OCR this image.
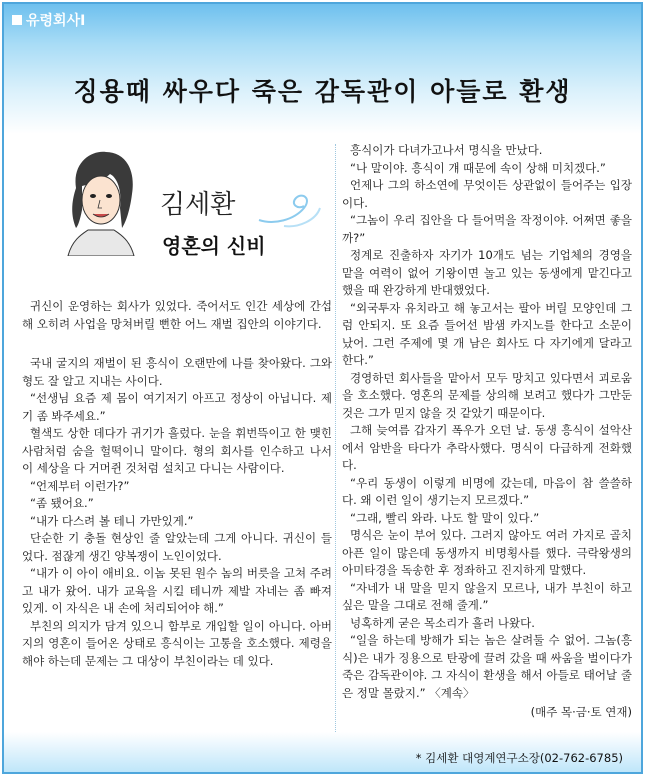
유령회사Ⅰ
징용때 싸우다 죽은 감독관이 아들로 환생
김세환
영혼의 신비
귀신이 운영하는 회사가 있었다. 죽어서도 인간 세상에 간섭해 오히려 사업을 망쳐버릴 뻔한 어느 재벌 집안의 이야기다.

국내 굴지의 재벌이 된 흥식이 오랜만에 나를 찾아왔다. 그와 형도 잘 알고 지내는 사이다.

“선생님 요즘 제 몸이 여기저기 아프고 정상이 아닙니다. 제 기 좀 봐주세요.”

혈색도 상한 데다가 귀기가 흘렀다. 눈을 휘번뜩이고 한 맺힌 사람처럼 숨을 헐떡이니 말이다. 형의 회사를 인수하고 나서 이 세상을 다 거머쥔 것처럼 설치고 다니는 사람이다.

“언제부터 이런가?”

“좀 됐어요.”

“내가 다스려 볼 테니 가만있게.”

단순한 기 충돌 현상인 줄 알았는데 그게 아니다. 귀신이 들었다. 점잖게 생긴 양복쟁이 노인이었다.

“내가 이 아이 애비요. 이놈 못된 원수 놈의 버릇을 고쳐 주려고 내가 왔어. 내가 교육을 시킬 테니까 제발 자네는 좀 빠져 있게. 이 자식은 내 손에 처리되어야 해.”

부친의 의지가 담겨 있으니 함부로 개입할 일이 아니다. 아버지의 영혼이 들어온 상태로 흥식이는 고통을 호소했다. 제령을 해야 하는데 문제는 그 대상이 부친이라는 데 있다.

흥식이가 다녀가고나서 명식을 만났다.

“나 말이야. 흥식이 걔 때문에 속이 상해 미치겠다.”

언제나 그의 하소연에 무엇이든 상관없이 들어주는 입장이다.

“그놈이 우리 집안을 다 들어먹을 작정이야. 어쩌면 좋을까?”

정계로 진출하자 자기가 10개도 넘는 기업체의 경영을 맡을 여력이 없어 기왕이면 놀고 있는 동생에게 맡긴다고 했을 때 완강하게 반대했었다.

“외국투자 유치라고 해 놓고서는 팔아 버릴 모양인데 그럼 안되지. 또 요즘 들어선 밤샘 카지노를 한다고 소문이 났어. 그런 주제에 몇 개 남은 회사도 다 자기에게 달라고 한다.”

경영하던 회사들을 맡아서 모두 망치고 있다면서 괴로움을 호소했다. 영혼의 문제를 상의해 보려고 했다가 그만둔 것은 그가 믿지 않을 것 같았기 때문이다.

그해 늦여름 갑자기 폭우가 오던 날. 동생 흥식이 설악산에서 암반을 타다가 추락사했다. 명식이 다급하게 전화했다.

“우리 동생이 이렇게 비명에 갔는데, 마음이 참 쓸쓸하다. 왜 이런 일이 생기는지 모르겠다.”

“그래, 빨리 와라. 나도 할 말이 있다.”

명식은 눈이 부어 있다. 그러지 않아도 여러 가지로 골치 아픈 일이 많은데 동생까지 비명횡사를 했다. 극락왕생의 아미타경을 독송한 후 정좌하고 진지하게 말했다.

“자네가 내 말을 믿지 않을지 모르나, 내가 부친이 하고 싶은 말을 그대로 전해 줄게.”

넝혹하게 굳은 목소리가 흘러 나왔다.

“일을 하는데 방해가 되는 놈은 살려둘 수 없어. 그놈(흥식)은 내가 징용으로 탄광에 끌려 갔을 때 싸움을 벌이다가 죽은 감독관이야. 그 자식이 환생을 해서 아들로 태어날 줄은 정말 몰랐지.” 〈계속〉

(매주 목·금·토 연재)
* 김세환 대영계연구소장(02-762-6785)
